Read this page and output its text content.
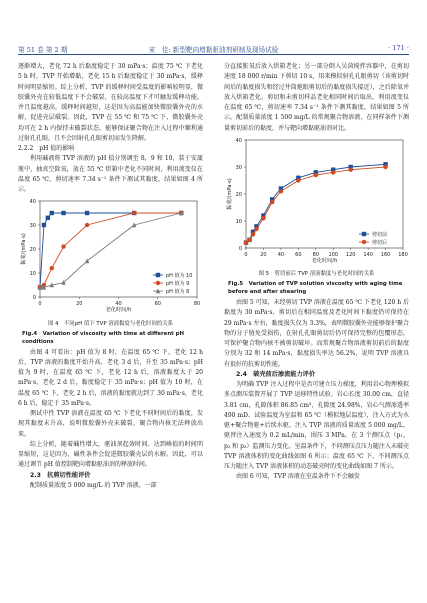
第 51 卷 第 2 期	宋　佳: 新型靶向增黏驱油剂研制及现场试验	· 171 ·

逐渐增大，老化 72 h 后黏度稳定于 30 mPa·s；温度 75 ℃ 下老化 5 h 时，TVP 开始增黏，老化 15 h 后黏度稳定于 30 mPa·s，缓释时间明显缩短。综上分析，TVP 的缓释时间受温度的影响较明显，微胶囊外壳在较低温度下不会破裂，在较高温度下才可触发缓释功能，并且温度越高，缓释时间越短，这是因为高温能加快微胶囊外壳的水解，促进壳层破裂。因此，TVP 在 55 ℃ 和 75 ℃ 下，微胶囊外壳均可在 2 h 内保持未破裂状态，能够保证聚合物在注入过程中顺利通过射孔孔眼，且不会因射孔孔眼剪切而发生降解。

2.2.2　pH 值的影响

利用碱液将 TVP 溶液的 pH 值分别调至 8，9 和 10，装于安瓿瓶中，抽真空除氧，放在 55 ℃ 烘箱中老化不同时间，利用流变仪在温度 65 ℃，剪切速率 7.34 s⁻¹ 条件下测试其黏度，结果如图 4 所示。

0	20	40	60	80
0
10
20
30
40
老化时间/h
黏度/(mPa·s)
pH 值为 10
pH 值为 9
pH 值为 8
图 4　不同pH 值下 TVP 溶液黏度与老化时间的关系
Fig.4　Variation of viscosity with time at different pH conditions

由图 4 可看出：pH 值为 8 时，在温度 65 ℃ 下，老化 12 h 后，TVP 溶液的黏度开始升高，老化 3 d 后，升至 35 mPa·s；pH 值为 9 时，在温度 65 ℃ 下，老化 12 h 后，溶液黏度大于 20 mPa·s，老化 2 d 后，黏度稳定于 35 mPa·s；pH 值为 10 时，在温度 65 ℃ 下，老化 2 h 后，溶液的黏度就达到了 30 mPa·s，老化 6 h 后，稳定于 35 mPa·s。

测试中性 TVP 溶液在温度 65 ℃ 下老化不同时间后的黏度，发现其黏度未升高，说明微胶囊外壳未破裂，聚合物内核无法释放出来。

综上分析，随着碱性增大，驱油剂起效时间、达到峰值的时间明显缩短，这是因为，碱性条件会促进微胶囊壳层的水解。因此，可以通过调节 pH 值控制靶向增黏驱油剂的释放时间。

2.3　抗剪切性能评价

配制质量浓度 5 000 mg/L 的 TVP 溶液。一部

分直接胀氧后放入烘箱老化；另一部分倒入吴茵搅拌容器中，在剪切速度 18 000 r/min 下剪切 10 s，用来模拟射孔孔眼剪切（该剪切时间后的黏度损失和经过井筒炮眼剪切后的黏度损失接近），之后除氧并放入烘箱老化。剪切和未剪切样品老化相同时间后取出，利用流变仪在温度 65 ℃，剪切速率 7.34 s⁻¹ 条件下测其黏度，结果如图 5 所示。配制质量浓度 1 500 mg/L 的常规聚合物溶液，在同样条件下测量剪切前后的黏度，并与靶向增黏驱油剂对比。

0	20 40 60 80 100 120 140 160 180
0
10
20
30
40
老化时间/h
黏度/(mPa·s)
剪切前
剪切后
图 5　剪切前后 TVP 溶液黏度与老化时间的关系
Fig.5　Variation of TVP solution viscosity with aging time before and after shearing

由图 5 可知，未经剪切 TVP 溶液在温度 65 ℃ 下老化 120 h 后黏度为 30 mPa·s，剪切后在相同温度及老化时间下黏度仍可保持在 29 mPa·s 左右，黏度损失仅为 3.3%，表明微胶囊外壳能够保护聚合物的分子链免受损伤，在射孔孔眼剪切后仍可保持完整的包覆形态，可保护聚合物内核不被剪切破坏。而常规聚合物溶液剪切前后的黏度分别为 32 和 14 mPa·s，黏度损失率达 56.2%，说明 TVP 溶液具有很好的抗剪切性能。

2.4　破壳前后渗流能力评价

为明确 TVP 注入过程中是否可建立压力梯度，利用岩心物理模拟多点测压装置开展了 TVP 运移特性试验。岩心长度 30.00 cm，直径 3.81 cm，孔隙体积 86.85 cm³，孔隙度 24.98%，岩心气测渗透率 490 mD。试验温度为室温和 65 ℃（模拟地层温度），注入方式为水驱+聚合物驱+后续水驱，注入 TVP 溶液的质量浓度 5 000 mg/L，驱替注入速度为 0.2 mL/min，围压 3 MPa。在 3 个测压点（p₁，p₂ 和 p₃）监测压力变化。室温条件下，不同测压点压力随注入未破壳 TVP 溶液体积的变化曲线如图 6 所示；温度 65 ℃ 下，不同测压点压力随注入 TVP 溶液体积的动态破壳时的变化曲线如图 7 所示。

由图 6 可知，TVP 溶液在室温条件下不会触发
